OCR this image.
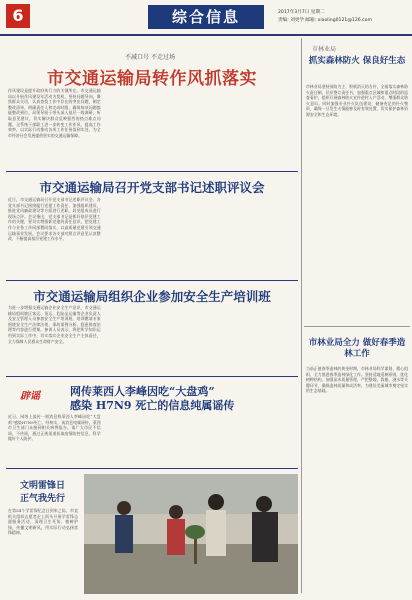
6	综合信息	2017年3月7日 星期二
责编: 刘更学 邮箱: xiaoling0121@126.com
不减口号 不走过场
市交通运输局转作风抓落实
作风建设是提升政府执行力的关键所在。市交通运输局以开展作风建设年活动为契机，坚持问题导向，聚焦群众关切，认真查找工作中存在的突出问题，制定整改清单，明确责任人和完成时限，确保每项问题都能整改到位。局领导班子带头深入基层一线调研，听取意见建议，切实解决群众反映强烈的热点难点问题。全系统干部职工进一步转变工作作风，提高工作效率，以实际行动推动各项工作任务落到实处，为全市经济社会发展提供坚实的交通运输保障。
市交通运输局召开党支部书记述职评议会
近日，市交通运输局召开党支部书记述职评议会，各党支部书记围绕履行党建工作责任、加强组织建设、推进党风廉政建设等方面进行述职，局党组成员进行现场点评。会议指出，党支部书记是抓好基层党建工作的关键，要切实增强抓党建的责任意识，把党建工作与业务工作同部署同落实，以高质量党建引领交通运输事业发展。会议要求各支部对照点评意见认真整改，不断提高基层党建工作水平。
市交通运输局组织企业参加安全生产培训班
为进一步增强交通运输企业安全生产意识，市交通运输局组织辖区客运、货运、危险品运输等企业负责人及安全管理人员参加安全生产培训班。培训邀请专家围绕安全生产法律法规、事故案例分析、隐患排查治理等内容进行授课。参训人员表示，将把所学知识运用到实际工作中，切实落实企业安全生产主体责任，全力保障人民群众生命财产安全。
辟谣	网传莱西人李峰因吃“大盘鸡”
感染 H7N9 死亡的信息纯属谣传
近日，网络上流传一则消息称莱西人李峰因吃“大盘鸡”感染H7N9死亡。经核实，该消息纯属谣传，莱西市卫生部门未接到相关病例报告。请广大市民不信谣、不传谣，通过正规渠道获取疫情防控信息，科学做好个人防护。
文明雷锋日
正气我先行
在第54个学雷锋纪念日到来之际，市直机关组织志愿者走上街头开展学雷锋志愿服务活动，清理卫生死角，植树护绿，传播文明新风，用实际行动弘扬雷锋精神。
市林业局
抓实森林防火 保良好生态
市林业局坚持预防为主、积极消灭的方针，全面落实森林防火责任制，层层签订责任书，加强重点区域和重点时段的巡查看护。组织开展森林防火宣传进村入户活动，增强群众防火意识。同时加强专业扑火队伍建设，储备充足的扑火物资，确保一旦发生火情能够及时有效处置，切实保护森林资源安全和生态环境。
市林业局全力 做好春季造林工作
当前正值春季造林的黄金时期，市林业局科学谋划、精心组织，全力推进春季造林绿化工作。坚持适地适树原则，优化树种结构，加强苗木质量管理，严把整地、栽植、浇水等关键环节，确保造林质量和成活率，为建设美丽城市奠定坚实的生态基础。
